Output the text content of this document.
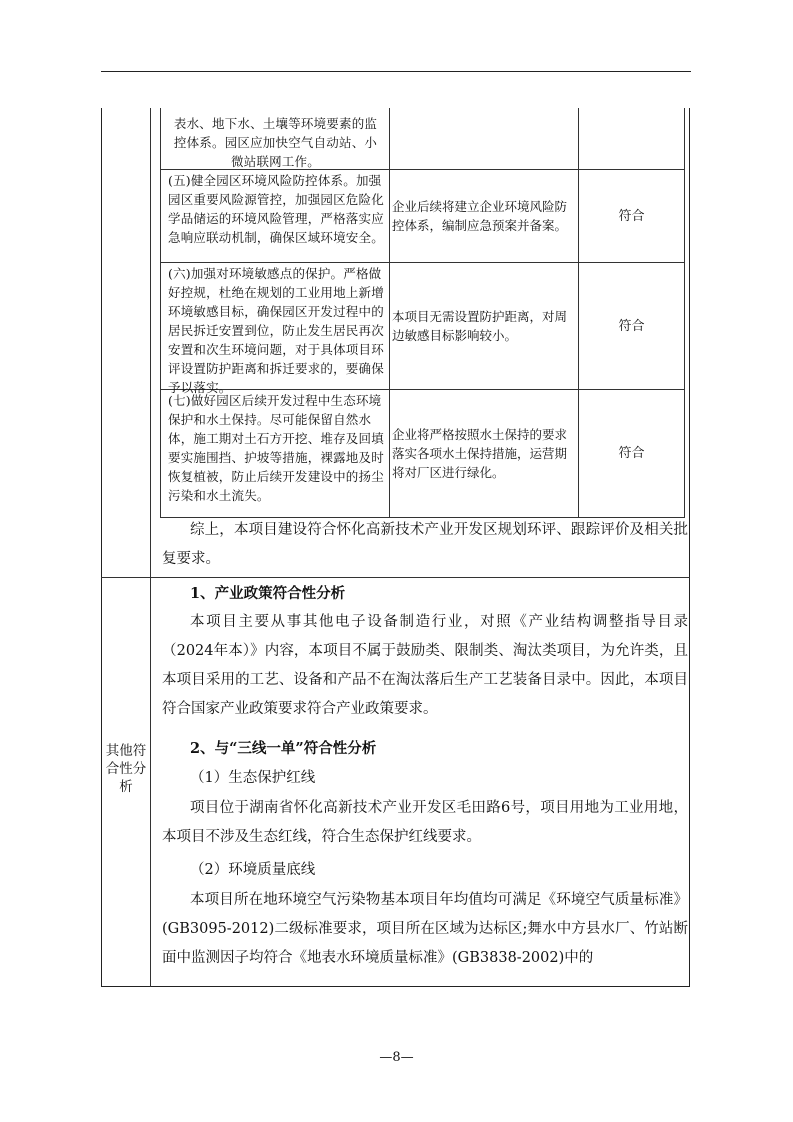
表水、地下水、土壤等环境要素的监控体系。园区应加快空气自动站、小微站联网工作。
(五)健全园区环境风险防控体系。加强园区重要风险源管控，加强园区危险化学品储运的环境风险管理，严格落实应急响应联动机制，确保区域环境安全。
企业后续将建立企业环境风险防控体系，编制应急预案并备案。
符合
(六)加强对环境敏感点的保护。严格做好控规，杜绝在规划的工业用地上新增环境敏感目标，确保园区开发过程中的居民拆迁安置到位，防止发生居民再次安置和次生环境问题，对于具体项目环评设置防护距离和拆迁要求的，要确保予以落实。
本项目无需设置防护距离，对周边敏感目标影响较小。
符合
(七)做好园区后续开发过程中生态环境保护和水土保持。尽可能保留自然水体，施工期对土石方开挖、堆存及回填要实施围挡、护坡等措施，裸露地及时恢复植被，防止后续开发建设中的扬尘污染和水土流失。
企业将严格按照水土保持的要求落实各项水土保持措施，运营期将对厂区进行绿化。
符合
综上，本项目建设符合怀化高新技术产业开发区规划环评、跟踪评价及相关批复要求。
其他符合性分析
1、产业政策符合性分析
本项目主要从事其他电子设备制造行业，对照《产业结构调整指导目录（2024年本）》内容，本项目不属于鼓励类、限制类、淘汰类项目，为允许类，且本项目采用的工艺、设备和产品不在淘汰落后生产工艺装备目录中。因此，本项目符合国家产业政策要求符合产业政策要求。
2、与“三线一单”符合性分析
（1）生态保护红线
项目位于湖南省怀化高新技术产业开发区毛田路6号，项目用地为工业用地，本项目不涉及生态红线，符合生态保护红线要求。
（2）环境质量底线
本项目所在地环境空气污染物基本项目年均值均可满足《环境空气质量标准》(GB3095-2012)二级标准要求，项目所在区域为达标区;舞水中方县水厂、竹站断面中监测因子均符合《地表水环境质量标准》(GB3838-2002)中的
—8—
